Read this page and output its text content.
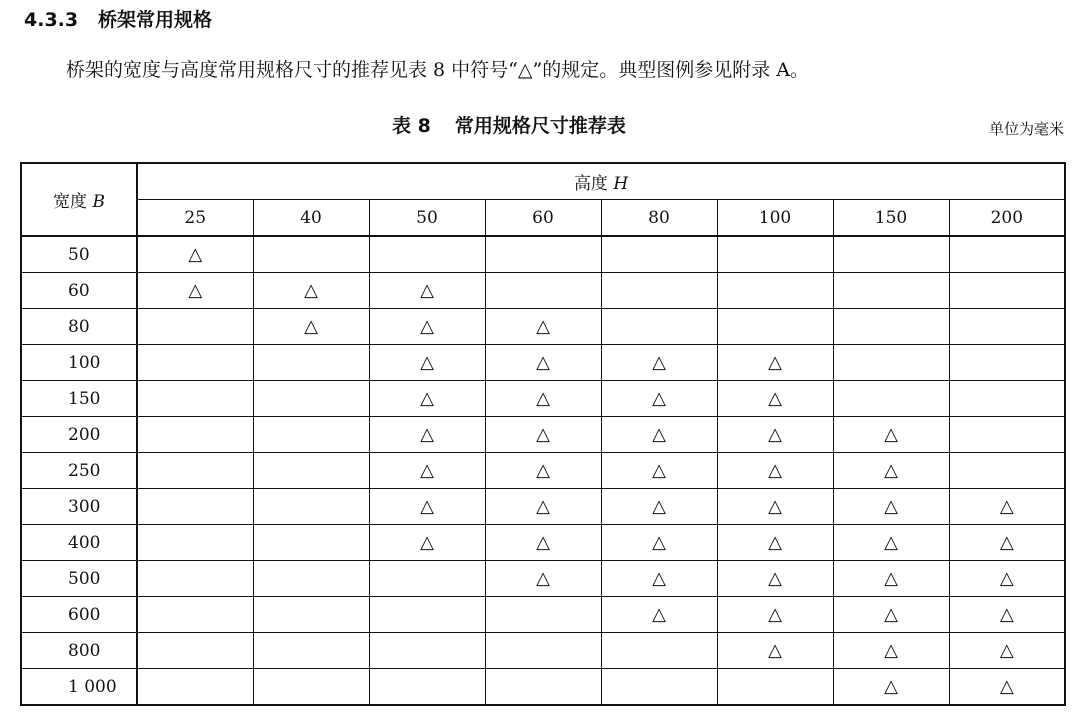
4.3.3 桥架常用规格
桥架的宽度与高度常用规格尺寸的推荐见表 8 中符号“△”的规定。典型图例参见附录 A。
表 8 常用规格尺寸推荐表	单位为毫米
宽度 B	高度 H							
	25	40	50	60	80	100	150	200
50	△							
60	△	△	△					
80		△	△	△				
100			△	△	△	△		
150			△	△	△	△		
200			△	△	△	△	△	
250			△	△	△	△	△	
300			△	△	△	△	△	△
400			△	△	△	△	△	△
500				△	△	△	△	△
600					△	△	△	△
800						△	△	△
1 000							△	△
